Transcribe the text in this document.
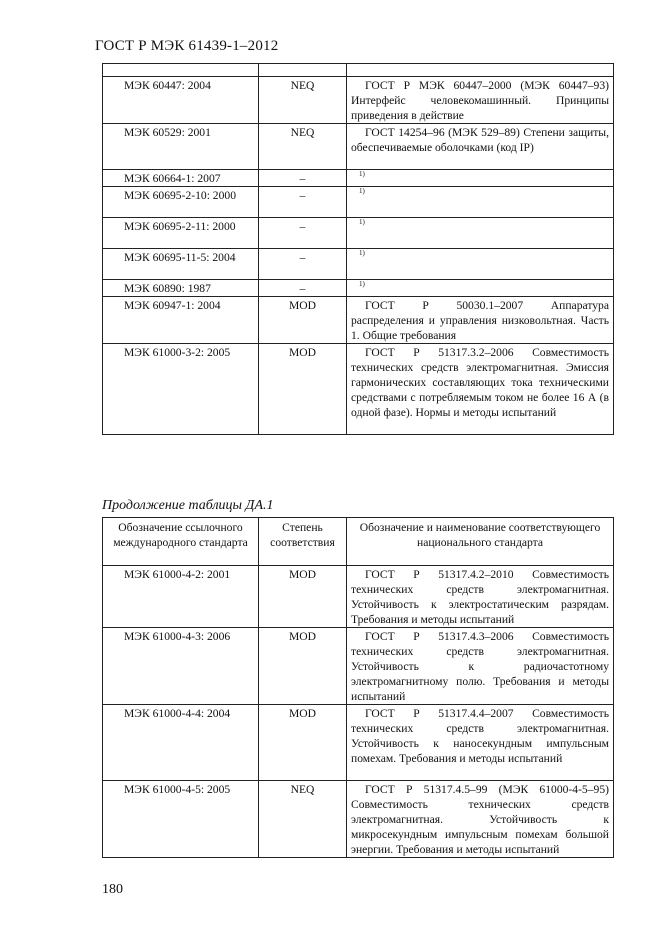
ГОСТ Р МЭК 61439-1–2012

МЭК 60447: 2004	NEQ	ГОСТ Р МЭК 60447–2000 (МЭК 60447–93) Интерфейс человекомашинный. Принципы приведения в действие
МЭК 60529: 2001	NEQ	ГОСТ 14254–96 (МЭК 529–89) Степени защиты, обеспечиваемые оболочками (код IP)
МЭК 60664-1: 2007	–	1)
МЭК 60695-2-10: 2000	–	1)
МЭК 60695-2-11: 2000	–	1)
МЭК 60695-11-5: 2004	–	1)
МЭК 60890: 1987	–	1)
МЭК 60947-1: 2004	MOD	ГОСТ Р 50030.1–2007 Аппаратура распределения и управления низковольтная. Часть 1. Общие требования
МЭК 61000-3-2: 2005	MOD	ГОСТ Р 51317.3.2–2006 Совместимость технических средств электромагнитная. Эмиссия гармонических составляющих тока техническими средствами с потребляемым током не более 16 А (в одной фазе). Нормы и методы испытаний
Продолжение таблицы ДА.1
Обозначение ссылочного международного стандарта	Степень соответствия	Обозначение и наименование соответствующего национального стандарта
МЭК 61000-4-2: 2001	MOD	ГОСТ Р 51317.4.2–2010 Совместимость технических средств электромагнитная. Устойчивость к электростатическим разрядам. Требования и методы испытаний
МЭК 61000-4-3: 2006	MOD	ГОСТ Р 51317.4.3–2006 Совместимость технических средств электромагнитная. Устойчивость к радиочастотному электромагнитному полю. Требования и методы испытаний
МЭК 61000-4-4: 2004	MOD	ГОСТ Р 51317.4.4–2007 Совместимость технических средств электромагнитная. Устойчивость к наносекундным импульсным помехам. Требования и методы испытаний
МЭК 61000-4-5: 2005	NEQ	ГОСТ Р 51317.4.5–99 (МЭК 61000-4-5–95) Совместимость технических средств электромагнитная. Устойчивость к микросекундным импульсным помехам большой энергии. Требования и методы испытаний
180
